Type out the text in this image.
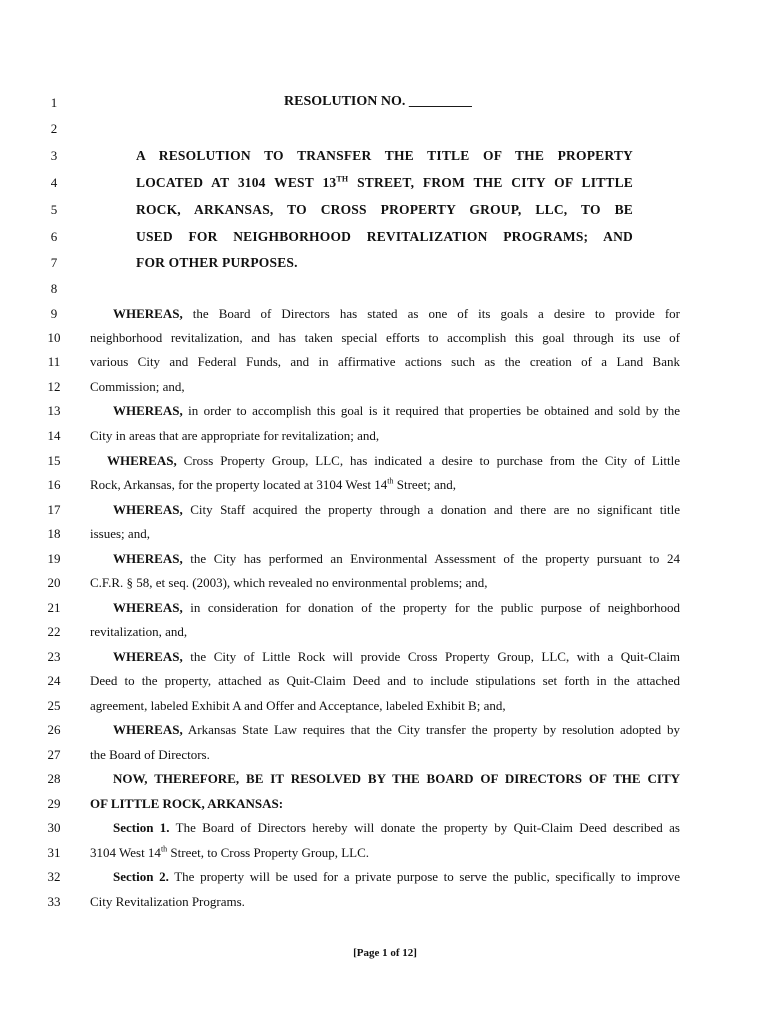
1
2
3
4
5
6
7
8
9
10
11
12
13
14
15
16
17
18
19
20
21
22
23
24
25
26
27
28
29
30
31
32
33
RESOLUTION NO. _________
A RESOLUTION TO TRANSFER THE TITLE OF THE PROPERTY
LOCATED AT 3104 WEST 13TH STREET, FROM THE CITY OF LITTLE
ROCK, ARKANSAS, TO CROSS PROPERTY GROUP, LLC, TO BE
USED FOR NEIGHBORHOOD REVITALIZATION PROGRAMS; AND
FOR OTHER PURPOSES.
WHEREAS, the Board of Directors has stated as one of its goals a desire to provide for
neighborhood revitalization, and has taken special efforts to accomplish this goal through its use of
various City and Federal Funds, and in affirmative actions such as the creation of a Land Bank
Commission; and,
WHEREAS, in order to accomplish this goal is it required that properties be obtained and sold by the
City in areas that are appropriate for revitalization; and,
WHEREAS, Cross Property Group, LLC, has indicated a desire to purchase from the City of Little
Rock, Arkansas, for the property located at 3104 West 14th Street; and,
WHEREAS, City Staff acquired the property through a donation and there are no significant title
issues; and,
WHEREAS, the City has performed an Environmental Assessment of the property pursuant to 24
C.F.R. § 58, et seq. (2003), which revealed no environmental problems; and,
WHEREAS, in consideration for donation of the property for the public purpose of neighborhood
revitalization, and,
WHEREAS, the City of Little Rock will provide Cross Property Group, LLC, with a Quit-Claim
Deed to the property, attached as Quit-Claim Deed and to include stipulations set forth in the attached
agreement, labeled Exhibit A and Offer and Acceptance, labeled Exhibit B; and,
WHEREAS, Arkansas State Law requires that the City transfer the property by resolution adopted by
the Board of Directors.
NOW, THEREFORE, BE IT RESOLVED BY THE BOARD OF DIRECTORS OF THE CITY
OF LITTLE ROCK, ARKANSAS:
Section 1. The Board of Directors hereby will donate the property by Quit-Claim Deed described as
3104 West 14th Street, to Cross Property Group, LLC.
Section 2. The property will be used for a private purpose to serve the public, specifically to improve
City Revitalization Programs.
[Page 1 of 12]
